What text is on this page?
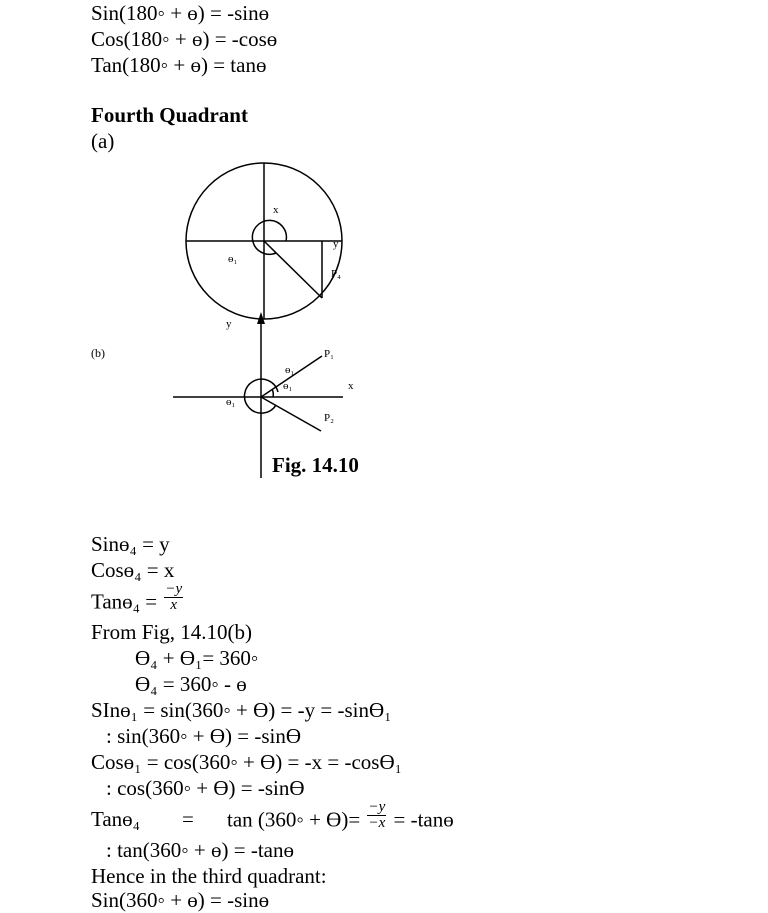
Sin(180◦ + ɵ) = -sinɵ
Cos(180◦ + ɵ) = -cosɵ
Tan(180◦ + ɵ) = tanɵ
Fourth Quadrant
(a)
(b)
x
y
ɵ₁
P₄
y
x
P₁
P₂
ɵ₁
ɵ₁
ɵ₁
Fig. 14.10
Sinɵ₄ = y
Cosɵ₄ = x
Tanɵ₄ = $\frac{-y}{x}$
From Fig, 14.10(b)
ϴ₄ + ϴ₁= 360◦
ϴ₄ = 360◦ - ɵ
SInɵ₁ = sin(360◦ + ϴ) = -y = -sinϴ₁
: sin(360◦ + ϴ) = -sinϴ
Cosɵ₁ = cos(360◦ + ϴ) = -x = -cosϴ₁
: cos(360◦ + ϴ) = -sinϴ
Tanɵ₄ = tan (360◦ + $ϴ)= \frac{-y}{-x}$ = -tanɵ
: tan(360◦ + ɵ) = -tanɵ
Hence in the third quadrant:
Sin(360◦ + ɵ) = -sinɵ
